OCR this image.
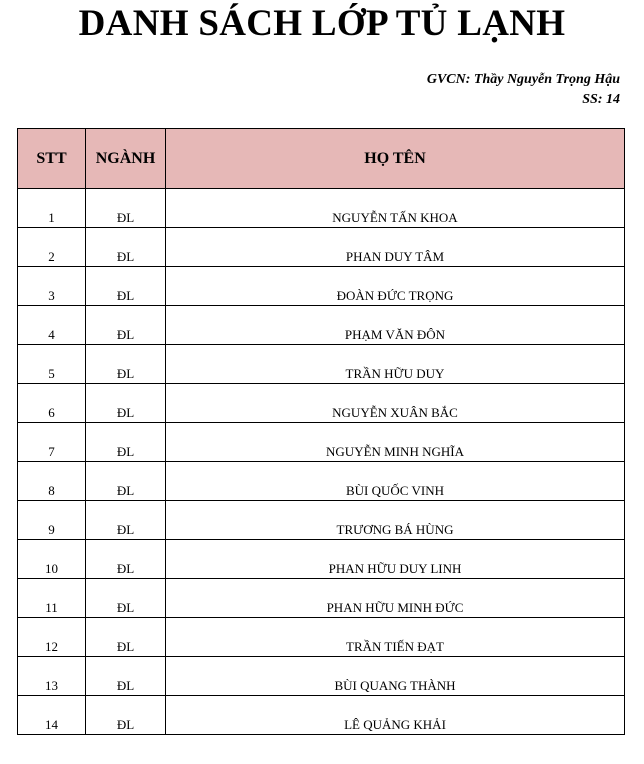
DANH SÁCH LỚP TỦ LẠNH
GVCN: Thầy Nguyễn Trọng Hậu
SS: 14
STT	NGÀNH	HỌ TÊN
1	ĐL	NGUYỄN TẤN KHOA
2	ĐL	PHAN DUY TÂM
3	ĐL	ĐOÀN ĐỨC TRỌNG
4	ĐL	PHẠM VĂN ĐÔN
5	ĐL	TRẦN HỮU DUY
6	ĐL	NGUYỄN XUÂN BẮC
7	ĐL	NGUYỄN MINH NGHĨA
8	ĐL	BÙI QUỐC VINH
9	ĐL	TRƯƠNG BÁ HÙNG
10	ĐL	PHAN HỮU DUY LINH
11	ĐL	PHAN HỮU MINH ĐỨC
12	ĐL	TRẦN TIẾN ĐẠT
13	ĐL	BÙI QUANG THÀNH
14	ĐL	LÊ QUẢNG KHẢI
